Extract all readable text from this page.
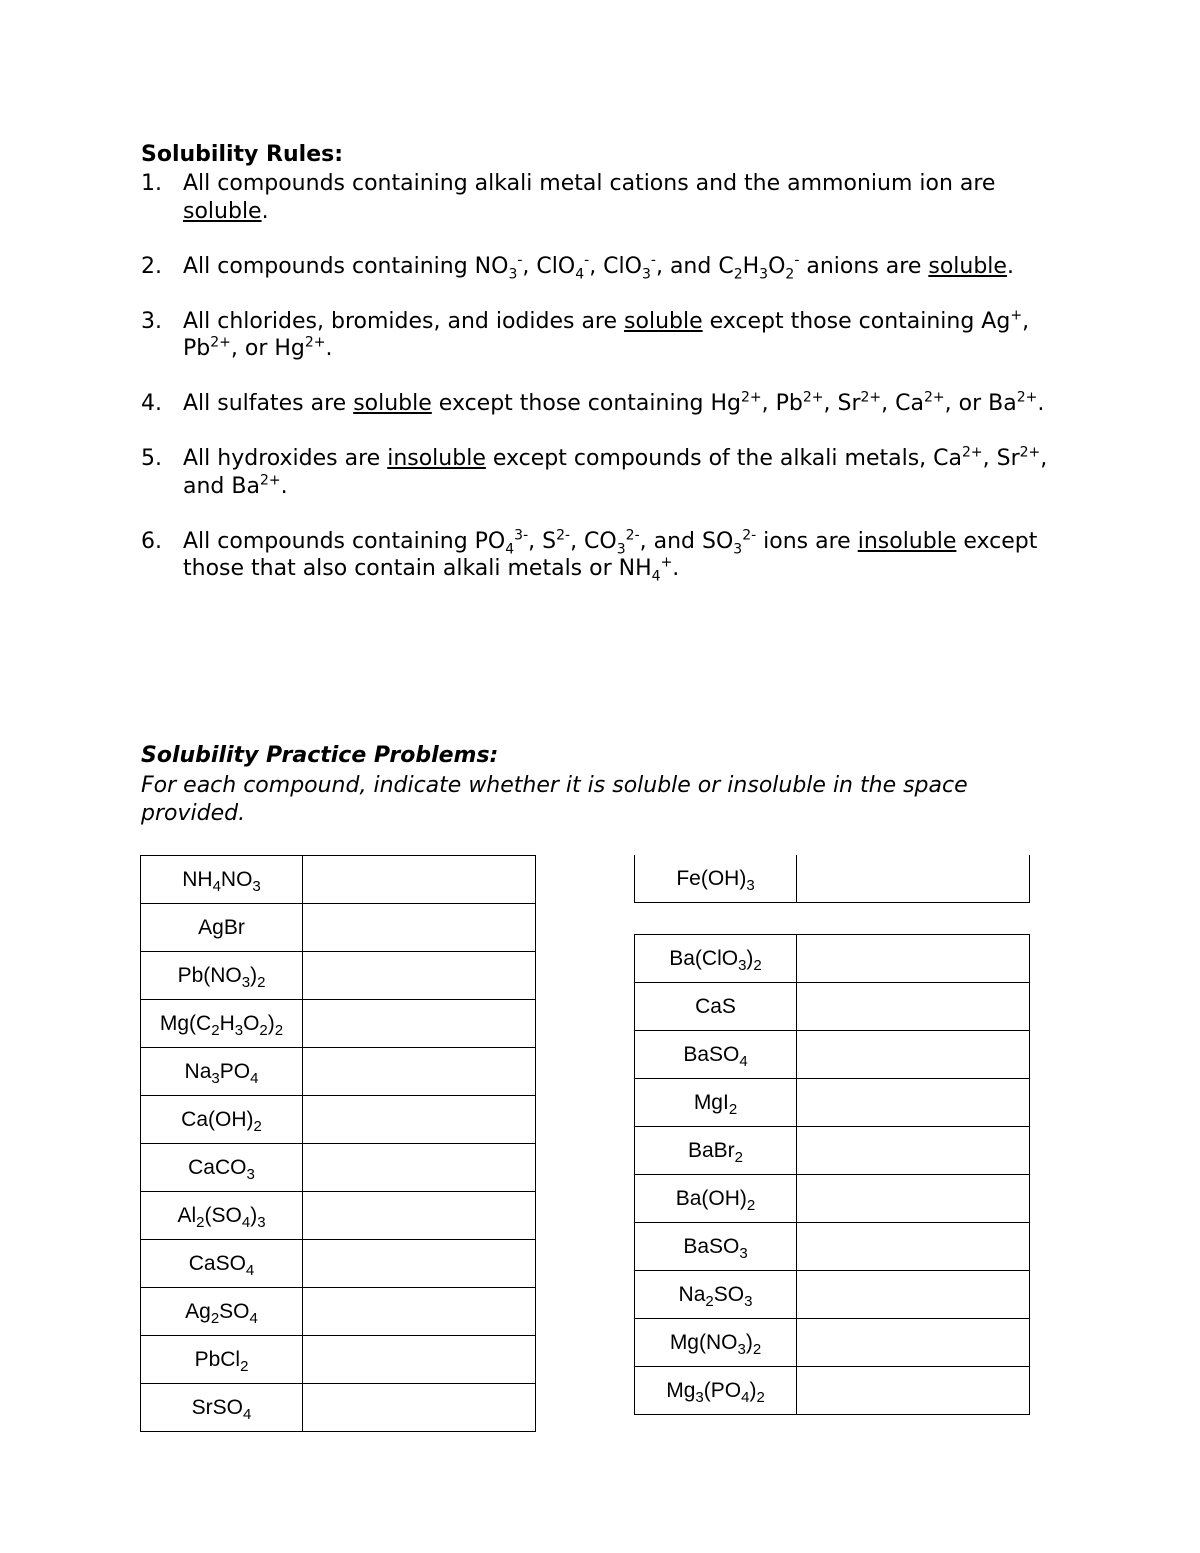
Solubility Rules:
1. All compounds containing alkali metal cations and the ammonium ion are soluble.
2. All compounds containing $NO_3^-$, ClO$_4$-, ClO$_3$-, and $C_2H_3O_2^-$ anions are soluble.
3. All chlorides, bromides, and iodides are soluble except those containing Ag+, $Pb^{2+}$, or $Hg^{2+}$.
4. All sulfates are soluble except those containing $Hg^{2+}$, $Pb^{2+}$, $Sr^{2+}$, $Ca^{2+}$, or $Ba^{2+}$.
5. All hydroxides are insoluble except compounds of the alkali metals, $Ca^{2+}$, $Sr^{2+}$, and $Ba^{2+}$.
6. All compounds containing $PO_4^{3-}$, $S^{2-}$, $CO_3^{2-}$, and $SO_3^{2-}$ ions are insoluble except those that also contain alkali metals or $NH_4^+$.
Solubility Practice Problems:

For each compound, indicate whether it is soluble or insoluble in the space provided.

$NH_4NO_3$	
AgBr	
$Pb(NO_3)_2$	
$Mg(C_2H_3O_2)_2$	
$Na_3PO_4$	
$Ca(OH)_2$	
CaCO$_3$	
$Al_2(SO_4)_3$	
CaSO$_4$	
$Ag_2SO_4$	
PbCl$_2$	
SrSO$_4$	
$Fe(OH)_3$	
$Ba(ClO_3)_2$	
CaS	
BaSO$_4$	
MgI$_2$	
BaBr$_2$	
$Ba(OH)_2$	
BaSO$_3$	
$Na_2SO_3$	
$Mg(NO_3)_2$	
$Mg_3(PO_4)_2$	
